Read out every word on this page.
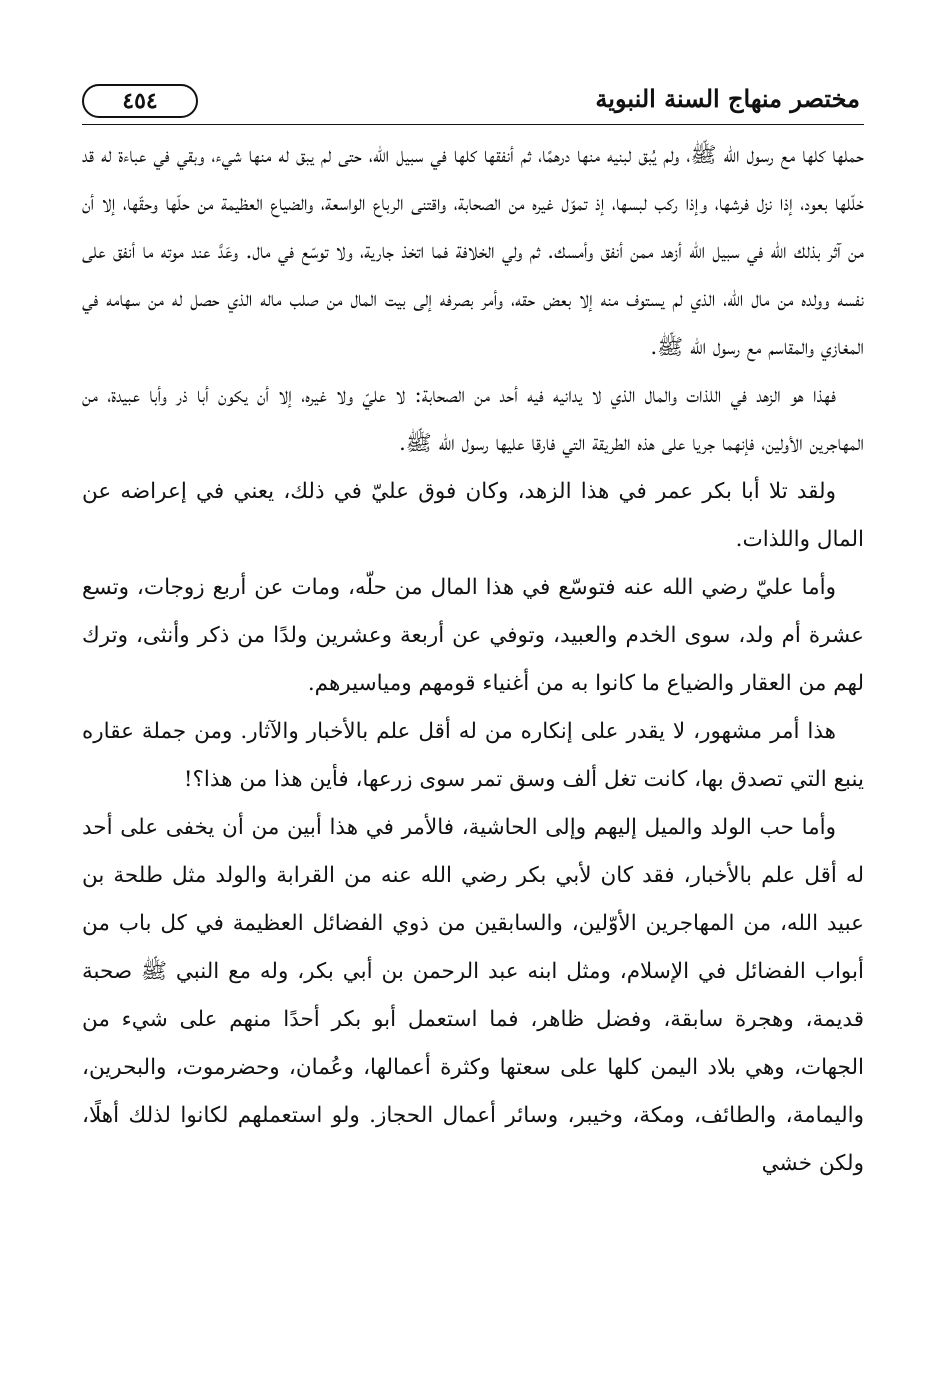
٤٥٤	مختصر منهاج السنة النبوية

حملها كلها مع رسول الله ﷺ، ولم يُبق لبنيه منها درهمًا، ثم أنفقها كلها في سبيل الله، حتى لم يبق له منها شيء، وبقي في عباءة له قد خلّلها بعود، إذا نزل فرشها، وإذا ركب لبسها، إذ تموّل غيره من الصحابة، واقتنى الرباع الواسعة، والضياع العظيمة من حلّها وحقّها، إلا أن من آثر بذلك الله في سبيل الله أزهد ممن أنفق وأمسك. ثم ولي الخلافة فما اتخذ جارية، ولا توسّع في مال. وعَدَّ عند موته ما أنفق على نفسه وولده من مال الله، الذي لم يستوف منه إلا بعض حقه، وأمر بصرفه إلى بيت المال من صلب ماله الذي حصل له من سهامه في المغازي والمقاسم مع رسول الله ﷺ.

فهذا هو الزهد في اللذات والمال الذي لا يدانيه فيه أحد من الصحابة: لا عليّ ولا غيره، إلا أن يكون أبا ذر وأبا عبيدة، من المهاجرين الأولين، فإنهما جريا على هذه الطريقة التي فارقا عليها رسول الله ﷺ.

ولقد تلا أبا بكر عمر في هذا الزهد، وكان فوق عليّ في ذلك، يعني في إعراضه عن المال واللذات.

وأما عليّ رضي الله عنه فتوسّع في هذا المال من حلّه، ومات عن أربع زوجات، وتسع عشرة أم ولد، سوى الخدم والعبيد، وتوفي عن أربعة وعشرين ولدًا من ذكر وأنثى، وترك لهم من العقار والضياع ما كانوا به من أغنياء قومهم ومياسيرهم.

هذا أمر مشهور، لا يقدر على إنكاره من له أقل علم بالأخبار والآثار. ومن جملة عقاره ينبع التي تصدق بها، كانت تغل ألف وسق تمر سوى زرعها، فأين هذا من هذا؟!

وأما حب الولد والميل إليهم وإلى الحاشية، فالأمر في هذا أبين من أن يخفى على أحد له أقل علم بالأخبار، فقد كان لأبي بكر رضي الله عنه من القرابة والولد مثل طلحة بن عبيد الله، من المهاجرين الأوّلين، والسابقين من ذوي الفضائل العظيمة في كل باب من أبواب الفضائل في الإسلام، ومثل ابنه عبد الرحمن بن أبي بكر، وله مع النبي ﷺ صحبة قديمة، وهجرة سابقة، وفضل ظاهر، فما استعمل أبو بكر أحدًا منهم على شيء من الجهات، وهي بلاد اليمن كلها على سعتها وكثرة أعمالها، وعُمان، وحضرموت، والبحرين، واليمامة، والطائف، ومكة، وخيبر، وسائر أعمال الحجاز. ولو استعملهم لكانوا لذلك أهلًا، ولكن خشي
